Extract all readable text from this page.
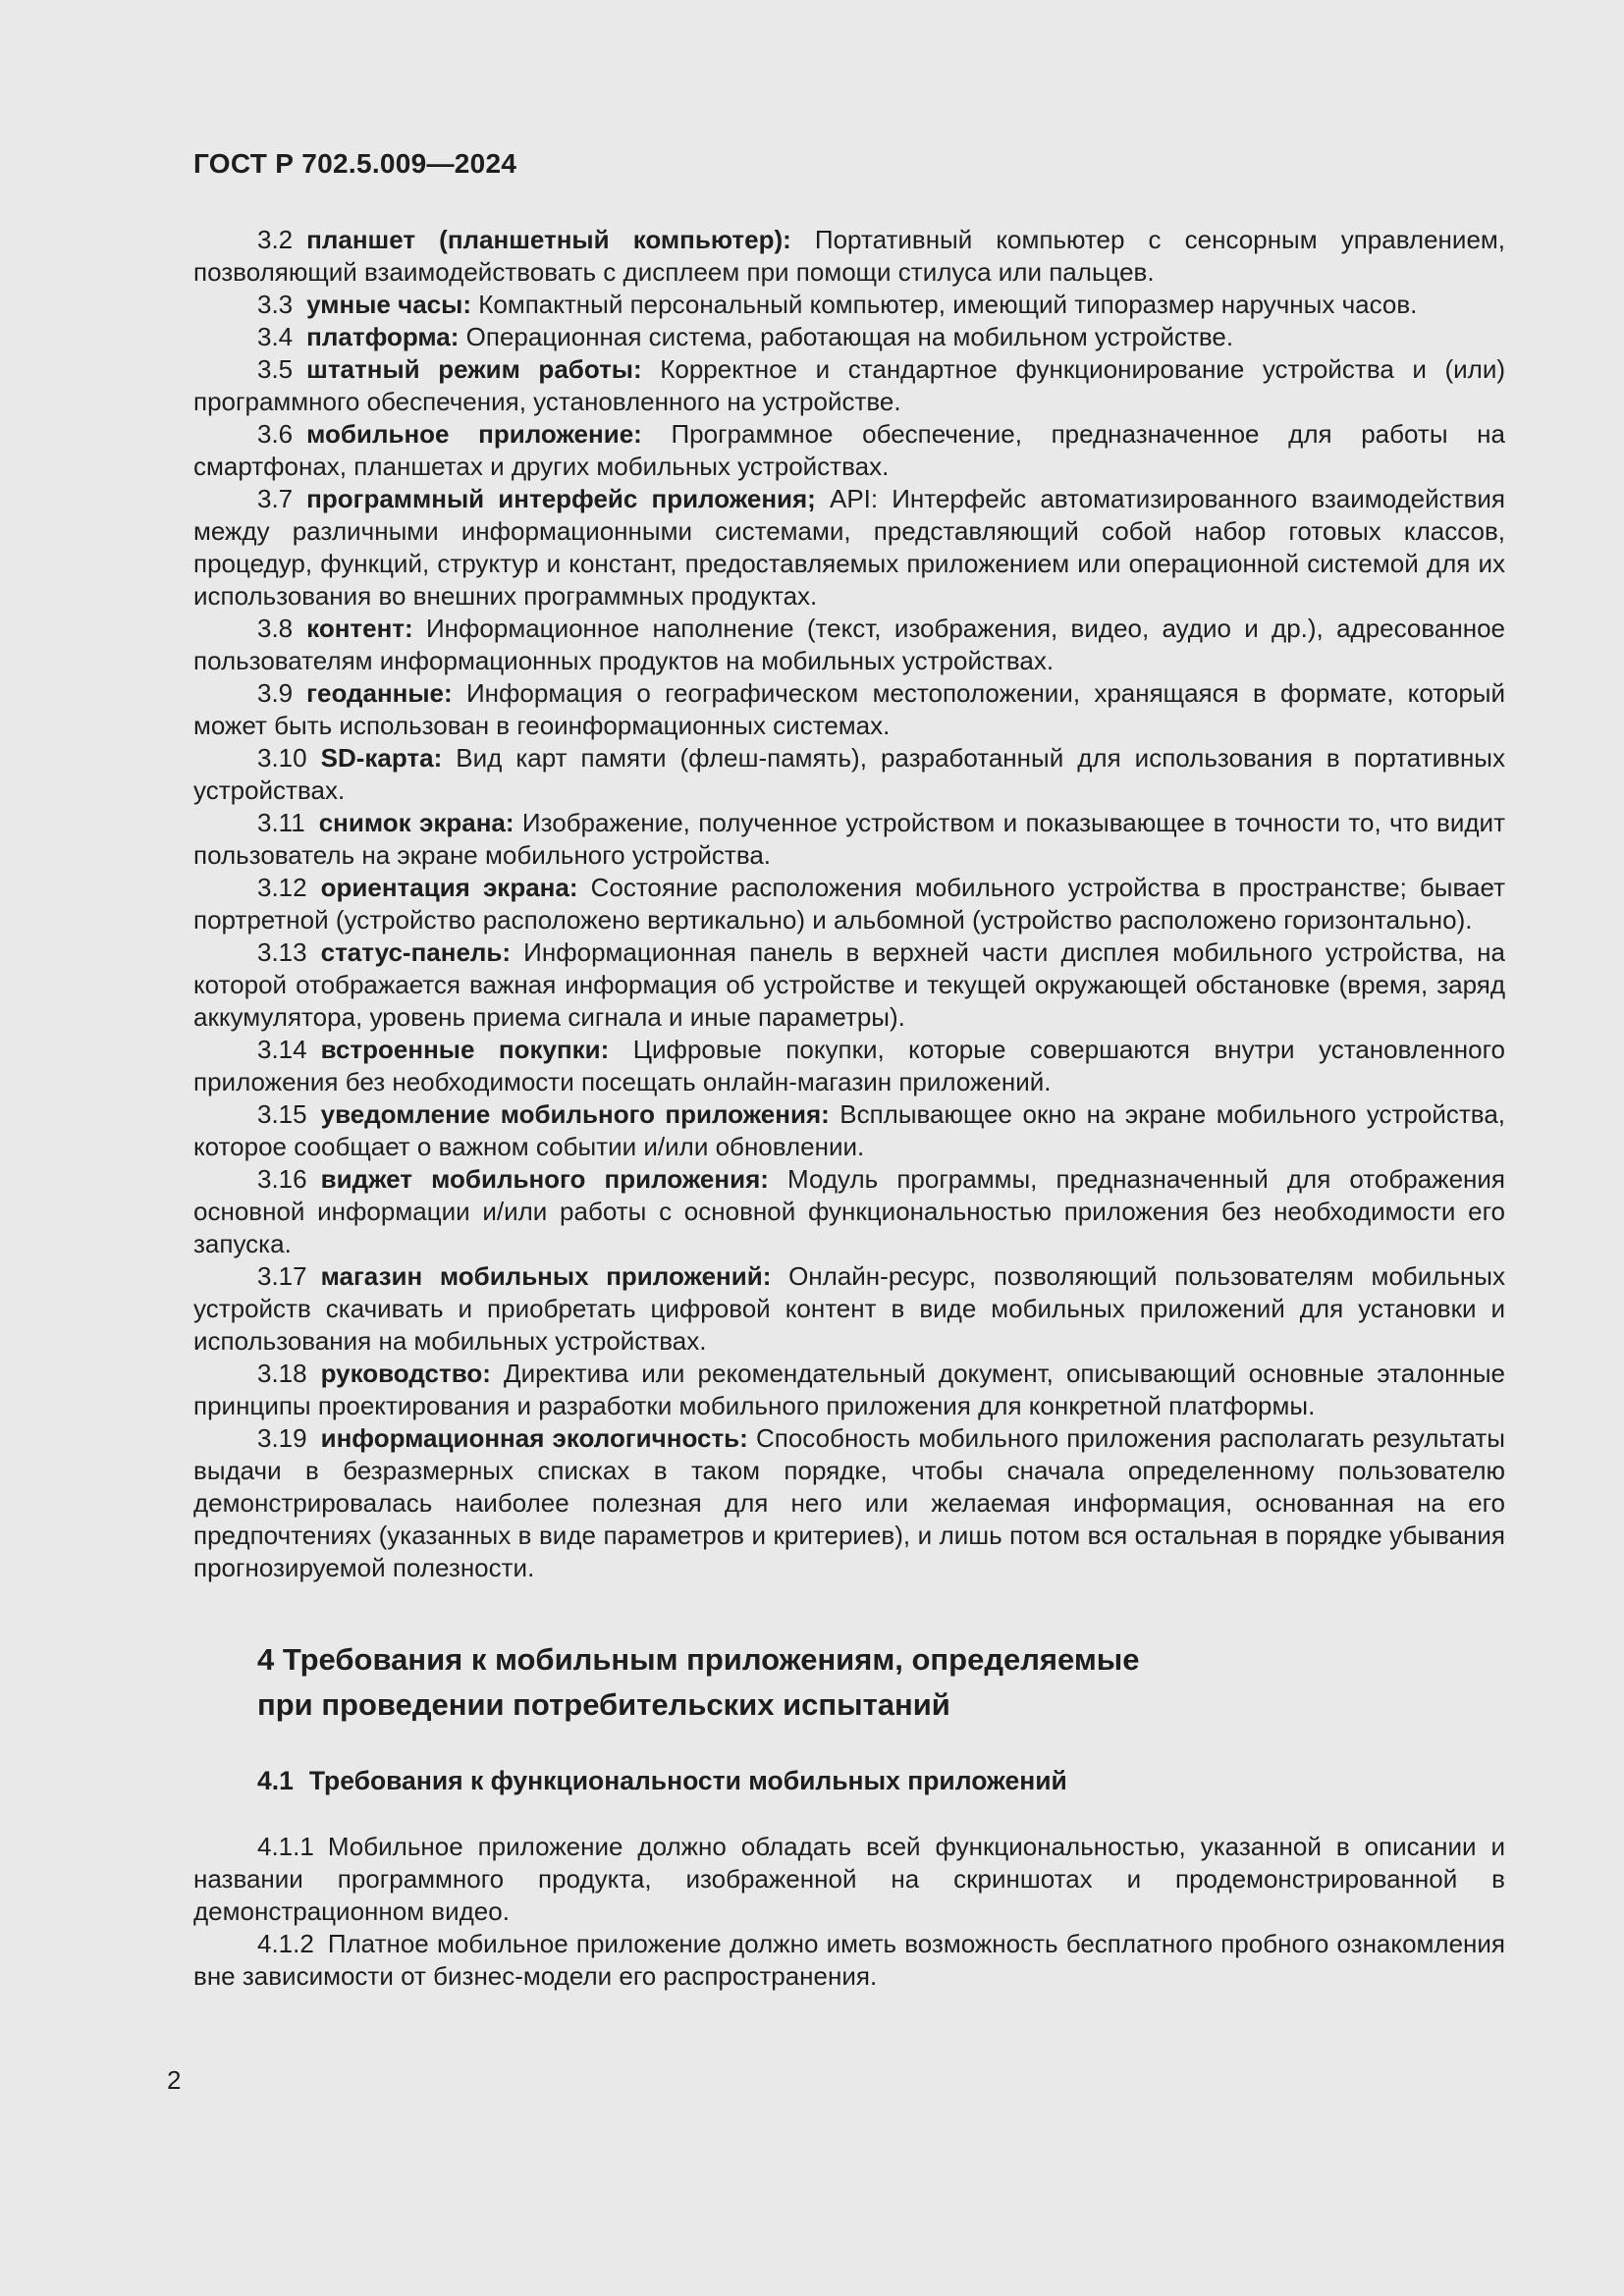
ГОСТ Р 702.5.009—2024

3.2 планшет (планшетный компьютер): Портативный компьютер с сенсорным управлением, позволяющий взаимодействовать с дисплеем при помощи стилуса или пальцев.

3.3 умные часы: Компактный персональный компьютер, имеющий типоразмер наручных часов.

3.4 платформа: Операционная система, работающая на мобильном устройстве.

3.5 штатный режим работы: Корректное и стандартное функционирование устройства и (или) программного обеспечения, установленного на устройстве.

3.6 мобильное приложение: Программное обеспечение, предназначенное для работы на смартфонах, планшетах и других мобильных устройствах.

3.7 программный интерфейс приложения; API: Интерфейс автоматизированного взаимодействия между различными информационными системами, представляющий собой набор готовых классов, процедур, функций, структур и констант, предоставляемых приложением или операционной системой для их использования во внешних программных продуктах.

3.8 контент: Информационное наполнение (текст, изображения, видео, аудио и др.), адресованное пользователям информационных продуктов на мобильных устройствах.

3.9 геоданные: Информация о географическом местоположении, хранящаяся в формате, который может быть использован в геоинформационных системах.

3.10 SD-карта: Вид карт памяти (флеш-память), разработанный для использования в портативных устройствах.

3.11 снимок экрана: Изображение, полученное устройством и показывающее в точности то, что видит пользователь на экране мобильного устройства.

3.12 ориентация экрана: Состояние расположения мобильного устройства в пространстве; бывает портретной (устройство расположено вертикально) и альбомной (устройство расположено горизонтально).

3.13 статус-панель: Информационная панель в верхней части дисплея мобильного устройства, на которой отображается важная информация об устройстве и текущей окружающей обстановке (время, заряд аккумулятора, уровень приема сигнала и иные параметры).

3.14 встроенные покупки: Цифровые покупки, которые совершаются внутри установленного приложения без необходимости посещать онлайн-магазин приложений.

3.15 уведомление мобильного приложения: Всплывающее окно на экране мобильного устройства, которое сообщает о важном событии и/или обновлении.

3.16 виджет мобильного приложения: Модуль программы, предназначенный для отображения основной информации и/или работы с основной функциональностью приложения без необходимости его запуска.

3.17 магазин мобильных приложений: Онлайн-ресурс, позволяющий пользователям мобильных устройств скачивать и приобретать цифровой контент в виде мобильных приложений для установки и использования на мобильных устройствах.

3.18 руководство: Директива или рекомендательный документ, описывающий основные эталонные принципы проектирования и разработки мобильного приложения для конкретной платформы.

3.19 информационная экологичность: Способность мобильного приложения располагать результаты выдачи в безразмерных списках в таком порядке, чтобы сначала определенному пользователю демонстрировалась наиболее полезная для него или желаемая информация, основанная на его предпочтениях (указанных в виде параметров и критериев), и лишь потом вся остальная в порядке убывания прогнозируемой полезности.

4 Требования к мобильным приложениям, определяемые
при проведении потребительских испытаний
4.1 Требования к функциональности мобильных приложений

4.1.1 Мобильное приложение должно обладать всей функциональностью, указанной в описании и названии программного продукта, изображенной на скриншотах и продемонстрированной в демонстрационном видео.

4.1.2 Платное мобильное приложение должно иметь возможность бесплатного пробного ознакомления вне зависимости от бизнес-модели его распространения.

2
